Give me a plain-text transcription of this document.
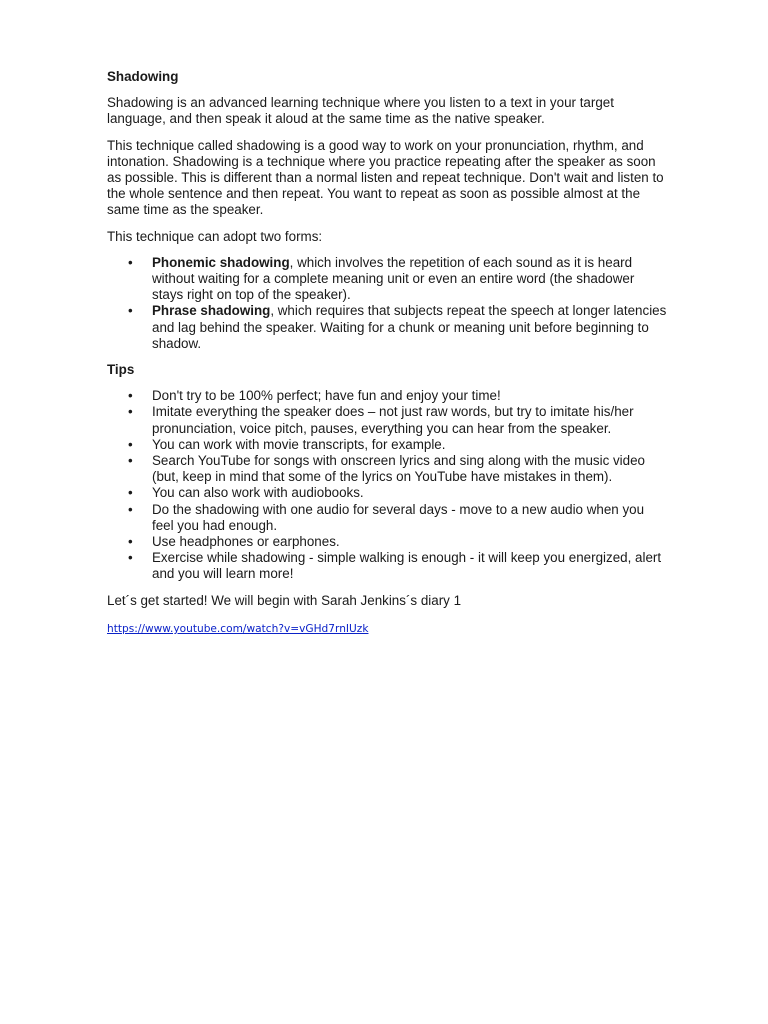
Shadowing

Shadowing is an advanced learning technique where you listen to a text in your target language, and then speak it aloud at the same time as the native speaker.

This technique called shadowing is a good way to work on your pronunciation, rhythm, and intonation. Shadowing is a technique where you practice repeating after the speaker as soon as possible. This is different than a normal listen and repeat technique. Don't wait and listen to the whole sentence and then repeat. You want to repeat as soon as possible almost at the same time as the speaker.

This technique can adopt two forms:

• Phonemic shadowing, which involves the repetition of each sound as it is heard without waiting for a complete meaning unit or even an entire word (the shadower stays right on top of the speaker).
• Phrase shadowing, which requires that subjects repeat the speech at longer latencies and lag behind the speaker. Waiting for a chunk or meaning unit before beginning to shadow.
Tips
• Don't try to be 100% perfect; have fun and enjoy your time!
• Imitate everything the speaker does – not just raw words, but try to imitate his/her pronunciation, voice pitch, pauses, everything you can hear from the speaker.
• You can work with movie transcripts, for example.
• Search YouTube for songs with onscreen lyrics and sing along with the music video (but, keep in mind that some of the lyrics on YouTube have mistakes in them).
• You can also work with audiobooks.
• Do the shadowing with one audio for several days - move to a new audio when you feel you had enough.
• Use headphones or earphones.
• Exercise while shadowing - simple walking is enough - it will keep you energized, alert and you will learn more!

Let´s get started! We will begin with Sarah Jenkins´s diary 1

https://www.youtube.com/watch?v=vGHd7rnIUzk
